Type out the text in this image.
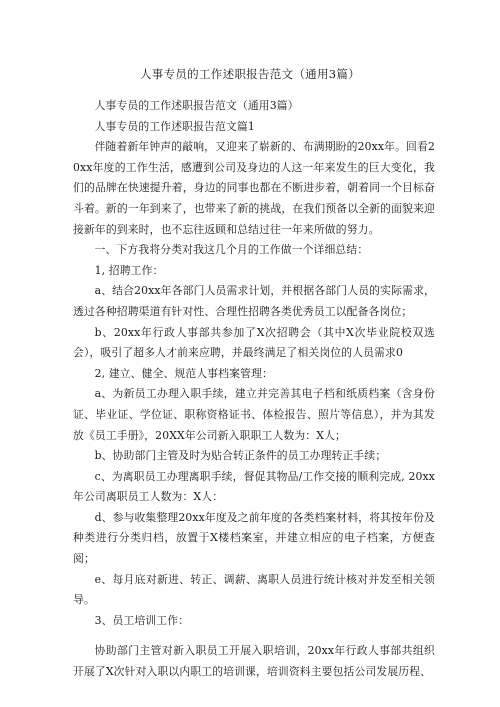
人事专员的工作述职报告范文（通用3篇）

人事专员的工作述职报告范文（通用3篇）

人事专员的工作述职报告范文篇1

伴随着新年钟声的敲响，又迎来了崭新的、布满期盼的20xx年。回看20xx年度的工作生活，感遭到公司及身边的人这一年来发生的巨大变化，我们的品牌在快速提升着，身边的同事也都在不断进步着，朝着同一个目标奋斗着。新的一年到来了，也带来了新的挑战，在我们预备以全新的面貌来迎接新年的到来时，也不忘往返顾和总结过往一年来所做的努力。

一、下方我将分类对我这几个月的工作做一个详细总结：

1, 招聘工作：

a、结合20xx年各部门人员需求计划，并根据各部门人员的实际需求，透过各种招聘渠道有针对性、合理性招聘各类优秀员工以配备各岗位；

b、20xx年行政人事部共参加了X次招聘会（其中X次毕业院校双选会），吸引了超多人才前来应聘，并最终满足了相关岗位的人员需求0

2, 建立、健全、规范人事档案管理：

a、为新员工办理入职手续，建立并完善其电子档和纸质档案（含身份证、毕业证、学位证、职称资格证书、体检报告、照片等信息），并为其发放《员工手册》，20XX年公司新入职职工人数为：X人；

b、协助部门主管及时为贴合转正条件的员工办理转正手续；

c、为离职员工办理离职手续，督促其物品/工作交接的顺利完成, 20xx年公司离职员工人数为：X人：

d、参与收集整理20xx年度及之前年度的各类档案材料，将其按年份及种类进行分类归档，放置于X楼档案室，并建立相应的电子档案，方便查阅；

e、每月底对新进、转正、调薪、离职人员进行统计核对并发至相关领导。

3、员工培训工作：

协助部门主管对新入职员工开展入职培训，20xx年行政人事部共组织开展了X次针对入职以内职工的培训课，培训资料主要包括公司发展历程、
